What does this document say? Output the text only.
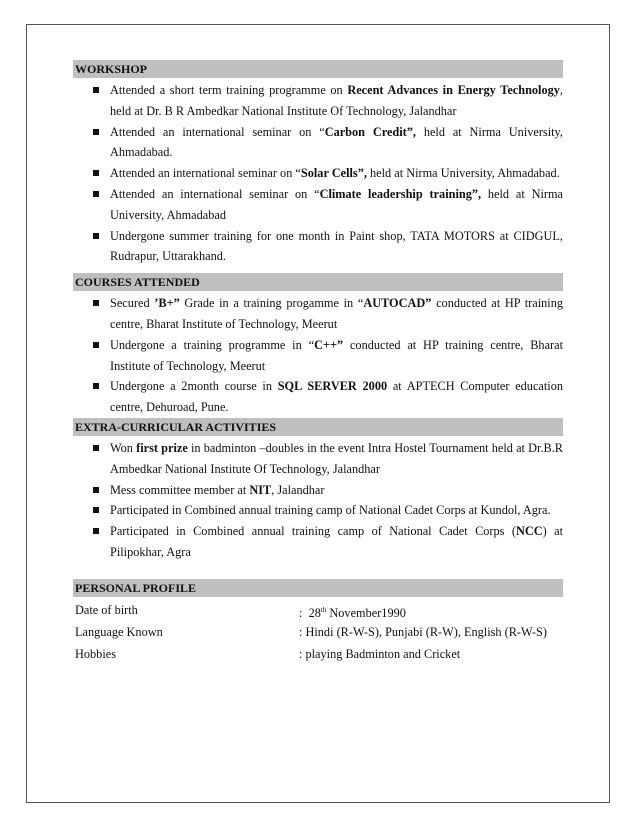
WORKSHOP
Attended a short term training programme on Recent Advances in Energy Technology, held at Dr. B R Ambedkar National Institute Of Technology, Jalandhar
Attended an international seminar on “Carbon Credit”, held at Nirma University, Ahmadabad.
Attended an international seminar on “Solar Cells”, held at Nirma University, Ahmadabad.
Attended an international seminar on “Climate leadership training”, held at Nirma University, Ahmadabad
Undergone summer training for one month in Paint shop, TATA MOTORS at CIDGUL, Rudrapur, Uttarakhand.
COURSES ATTENDED
Secured ’B+” Grade in a training progamme in “AUTOCAD” conducted at HP training centre, Bharat Institute of Technology, Meerut
Undergone a training programme in “C++” conducted at HP training centre, Bharat Institute of Technology, Meerut
Undergone a 2month course in SQL SERVER 2000 at APTECH Computer education centre, Dehuroad, Pune.
EXTRA-CURRICULAR ACTIVITIES
Won first prize in badminton –doubles in the event Intra Hostel Tournament held at Dr.B.R Ambedkar National Institute Of Technology, Jalandhar
Mess committee member at NIT, Jalandhar
Participated in Combined annual training camp of National Cadet Corps at Kundol, Agra.
Participated in Combined annual training camp of National Cadet Corps (NCC) at Pilipokhar, Agra
PERSONAL PROFILE
Date of birth	:  28th November1990
Language Known	: Hindi (R-W-S), Punjabi (R-W), English (R-W-S)
Hobbies	: playing Badminton and Cricket
